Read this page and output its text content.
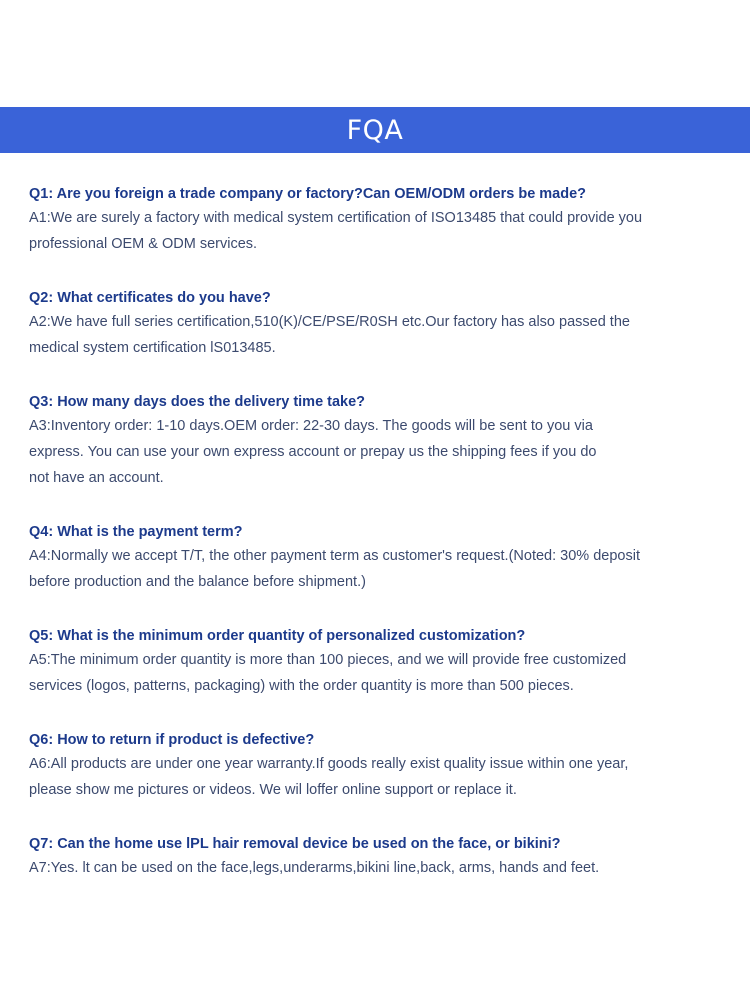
FQA

Q1: Are you foreign a trade company or factory?Can OEM/ODM orders be made?

A1:We are surely a factory with medical system certification of ISO13485 that could provide you
professional OEM & ODM services.

Q2: What certificates do you have?

A2:We have full series certification,510(K)/CE/PSE/R0SH etc.Our factory has also passed the
medical system certification lS013485.

Q3: How many days does the delivery time take?

A3:Inventory order: 1-10 days.OEM order: 22-30 days. The goods will be sent to you via
express. You can use your own express account or prepay us the shipping fees if you do
not have an account.

Q4: What is the payment term?

A4:Normally we accept T/T, the other payment term as customer's request.(Noted: 30% deposit
before production and the balance before shipment.)

Q5: What is the minimum order quantity of personalized customization?

A5:The minimum order quantity is more than 100 pieces, and we will provide free customized
services (logos, patterns, packaging) with the order quantity is more than 500 pieces.

Q6: How to return if product is defective?

A6:All products are under one year warranty.If goods really exist quality issue within one year,
please show me pictures or videos. We wil loffer online support or replace it.

Q7: Can the home use lPL hair removal device be used on the face, or bikini?

A7:Yes. lt can be used on the face,legs,underarms,bikini line,back, arms, hands and feet.
